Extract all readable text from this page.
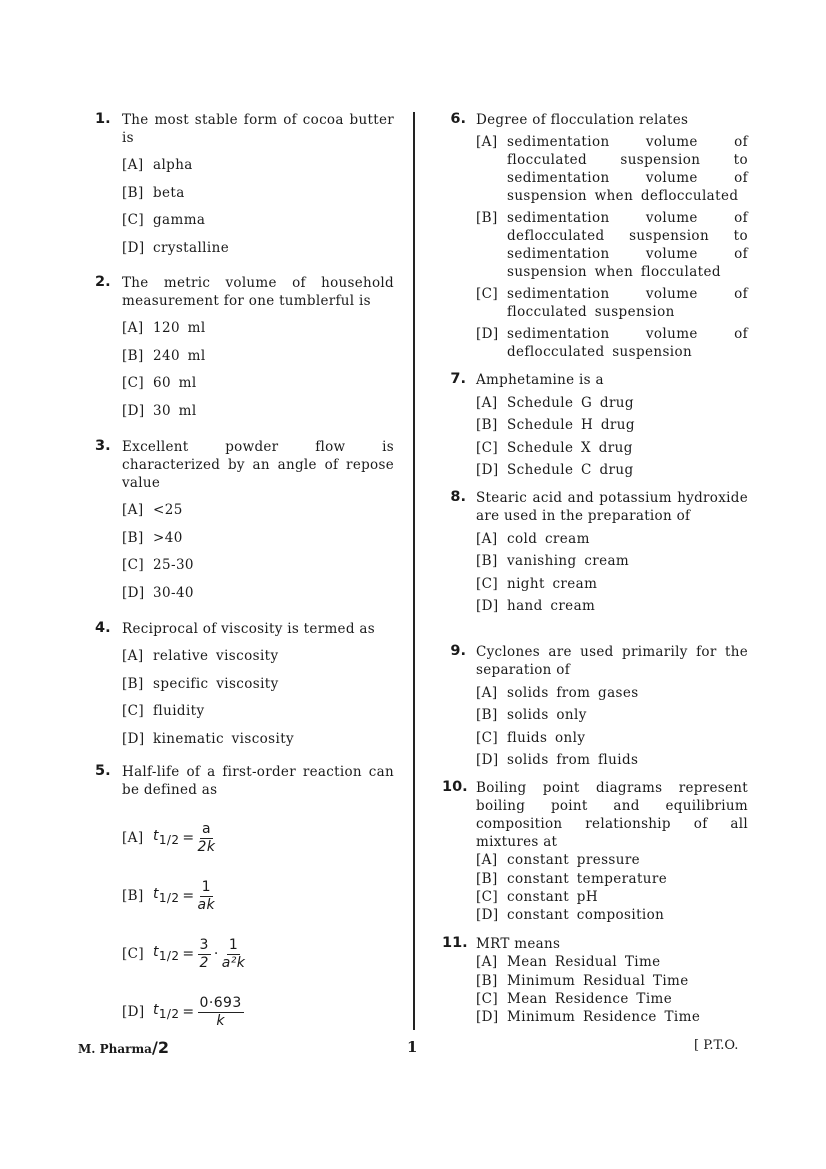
1. The most stable form of cocoa butter is
[A] alpha
[B] beta
[C] gamma
[D] crystalline
2. The metric volume of household measurement for one tumblerful is
[A] 120 ml
[B] 240 ml
[C] 60 ml
[D] 30 ml
3. Excellent powder flow is characterized by an angle of repose value
[A] <25
[B] >40
[C] 25-30
[D] 30-40
4. Reciprocal of viscosity is termed as
[A] relative viscosity
[B] specific viscosity
[C] fluidity
[D] kinematic viscosity
5. Half-life of a first-order reaction can be defined as
[A] $t_{1/2} = \frac{a}{2k}$
[B] $t_{1/2} = \frac{1}{ak}$
[C] $t_{1/2} = \frac{3}{2} \cdot \frac{1}{\text{a²k}}$
[D] $t_{1/2} = \frac{0\cdot 693}{k}$
6. Degree of flocculation relates
[A] sedimentation volume of flocculated suspension to sedimentation volume of suspension when deflocculated
[B] sedimentation volume of deflocculated suspension to sedimentation volume of suspension when flocculated
[C] sedimentation volume of flocculated suspension
[D] sedimentation volume of deflocculated suspension
7. Amphetamine is a
[A] Schedule G drug
[B] Schedule H drug
[C] Schedule X drug
[D] Schedule C drug
8. Stearic acid and potassium hydroxide are used in the preparation of
[A] cold cream
[B] vanishing cream
[C] night cream
[D] hand cream
9. Cyclones are used primarily for the separation of
[A] solids from gases
[B] solids only
[C] fluids only
[D] solids from fluids
10. Boiling point diagrams represent boiling point and equilibrium composition relationship of all mixtures at
[A] constant pressure
[B] constant temperature
[C] constant pH
[D] constant composition
11. MRT means
[A] Mean Residual Time
[B] Minimum Residual Time
[C] Mean Residence Time
[D] Minimum Residence Time
M. Pharma/2	1	[ P.T.O.
